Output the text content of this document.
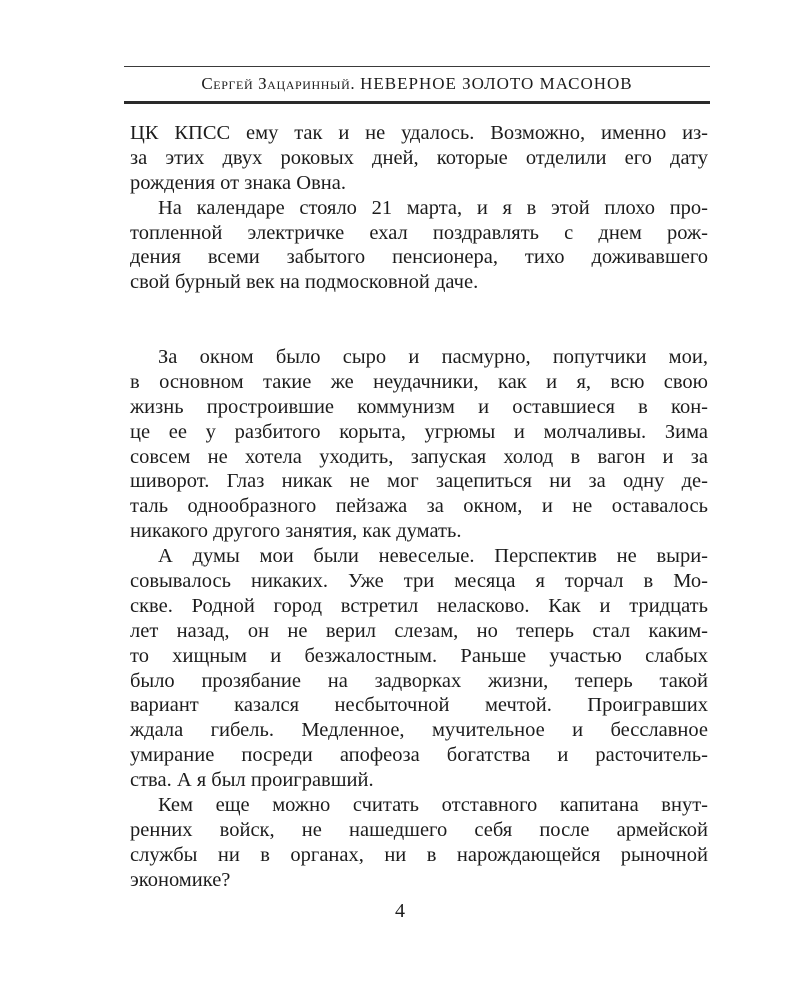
Сергей Зацаринный. НЕВЕРНОЕ ЗОЛОТО МАСОНОВ
ЦК КПСС ему так и не удалось. Возможно, именно из-
за этих двух роковых дней, которые отделили его дату
рождения от знака Овна.
На календаре стояло 21 марта, и я в этой плохо про-
топленной электричке ехал поздравлять с днем рож-
дения всеми забытого пенсионера, тихо доживавшего
свой бурный век на подмосковной даче.
За окном было сыро и пасмурно, попутчики мои,
в основном такие же неудачники, как и я, всю свою
жизнь простроившие коммунизм и оставшиеся в кон-
це ее у разбитого корыта, угрюмы и молчаливы. Зима
совсем не хотела уходить, запуская холод в вагон и за
шиворот. Глаз никак не мог зацепиться ни за одну де-
таль однообразного пейзажа за окном, и не оставалось
никакого другого занятия, как думать.
А думы мои были невеселые. Перспектив не выри-
совывалось никаких. Уже три месяца я торчал в Мо-
скве. Родной город встретил неласково. Как и тридцать
лет назад, он не верил слезам, но теперь стал каким-
то хищным и безжалостным. Раньше участью слабых
было прозябание на задворках жизни, теперь такой
вариант казался несбыточной мечтой. Проигравших
ждала гибель. Медленное, мучительное и бесславное
умирание посреди апофеоза богатства и расточитель-
ства. А я был проигравший.
Кем еще можно считать отставного капитана внут-
ренних войск, не нашедшего себя после армейской
службы ни в органах, ни в нарождающейся рыночной
экономике?
4
